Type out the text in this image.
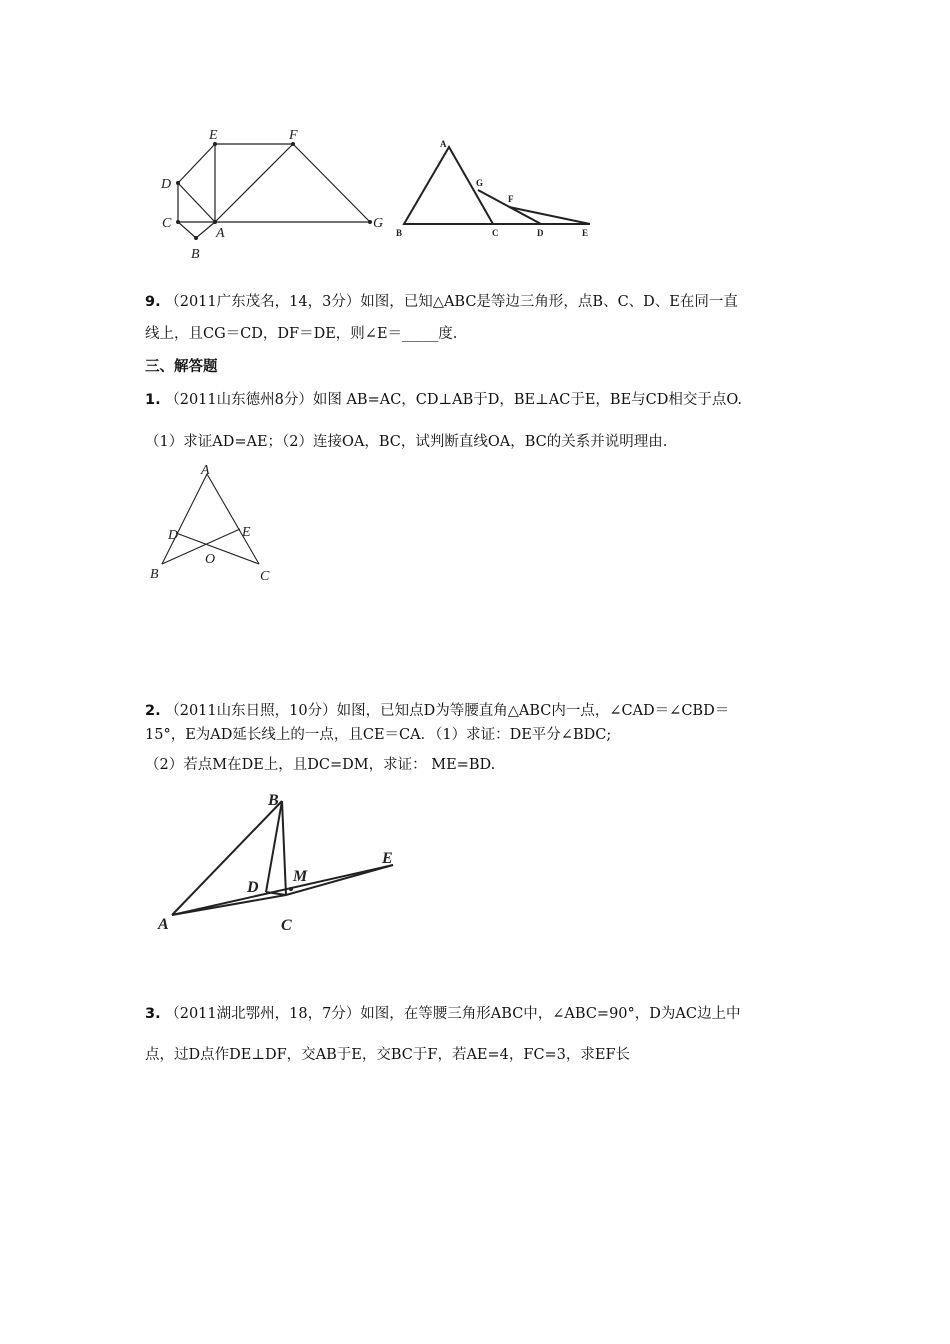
D
E	F
C
A
G
B
A
G
F
B	C	D	E
9. （2011广东茂名，14，3分）如图，已知△ABC是等边三角形，点B、C、D、E在同一直
线上，且CG＝CD，DF＝DE，则∠E＝_____度.
三、解答题
1. （2011山东德州8分）如图 AB=AC，CD⊥AB于D，BE⊥AC于E，BE与CD相交于点O.
（1）求证AD=AE；（2）连接OA，BC，试判断直线OA，BC的关系并说明理由.
A
D	E
O
B	C
2. （2011山东日照，10分）如图，已知点D为等腰直角△ABC内一点，∠CAD＝∠CBD＝
15°，E为AD延长线上的一点，且CE＝CA．（1）求证：DE平分∠BDC;
（2）若点M在DE上，且DC=DM，求证： ME=BD.
B
E
M
D
A	C
3. （2011湖北鄂州，18，7分）如图，在等腰三角形ABC中，∠ABC=90°，D为AC边上中
点，过D点作DE⊥DF，交AB于E，交BC于F，若AE=4，FC=3，求EF长
